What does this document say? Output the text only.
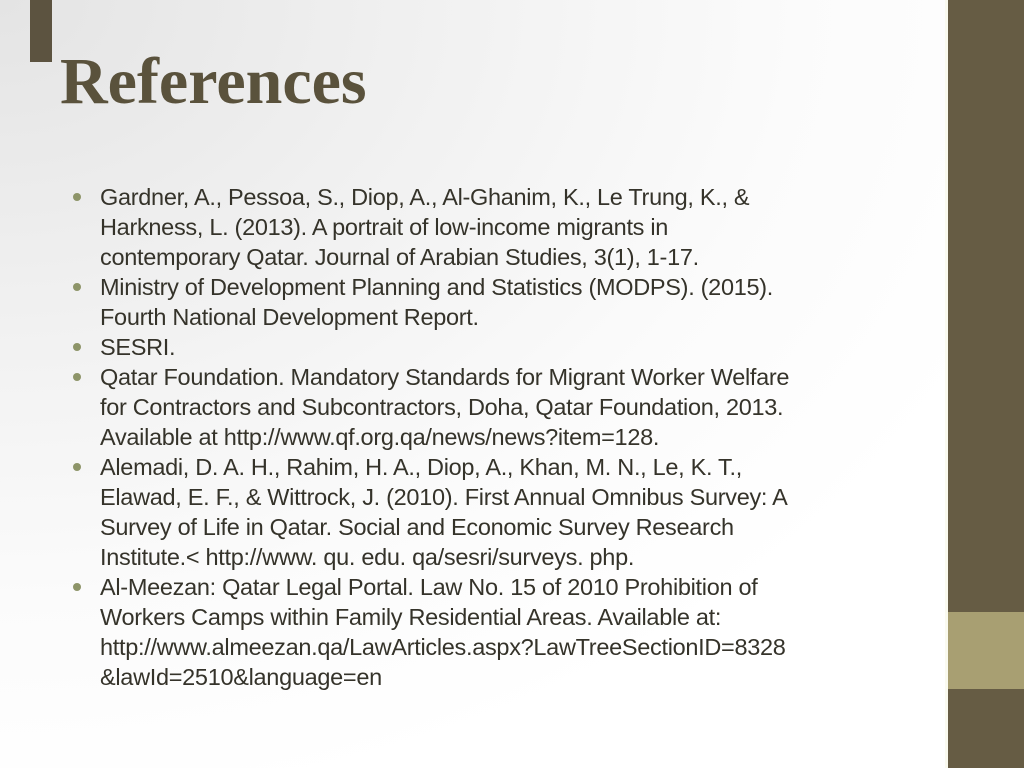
References
Gardner, A., Pessoa, S., Diop, A., Al-Ghanim, K., Le Trung, K., &
Harkness, L. (2013). A portrait of low-income migrants in
contemporary Qatar. Journal of Arabian Studies, 3(1), 1-17.
Ministry of Development Planning and Statistics (MODPS). (2015).
Fourth National Development Report.
SESRI.
Qatar Foundation. Mandatory Standards for Migrant Worker Welfare
for Contractors and Subcontractors, Doha, Qatar Foundation, 2013.
Available at http://www.qf.org.qa/news/news?item=128.
Alemadi, D. A. H., Rahim, H. A., Diop, A., Khan, M. N., Le, K. T.,
Elawad, E. F., & Wittrock, J. (2010). First Annual Omnibus Survey: A
Survey of Life in Qatar. Social and Economic Survey Research
Institute.< http://www. qu. edu. qa/sesri/surveys. php.
Al-Meezan: Qatar Legal Portal. Law No. 15 of 2010 Prohibition of
Workers Camps within Family Residential Areas. Available at:
http://www.almeezan.qa/LawArticles.aspx?LawTreeSectionID=8328
&lawId=2510&language=en
